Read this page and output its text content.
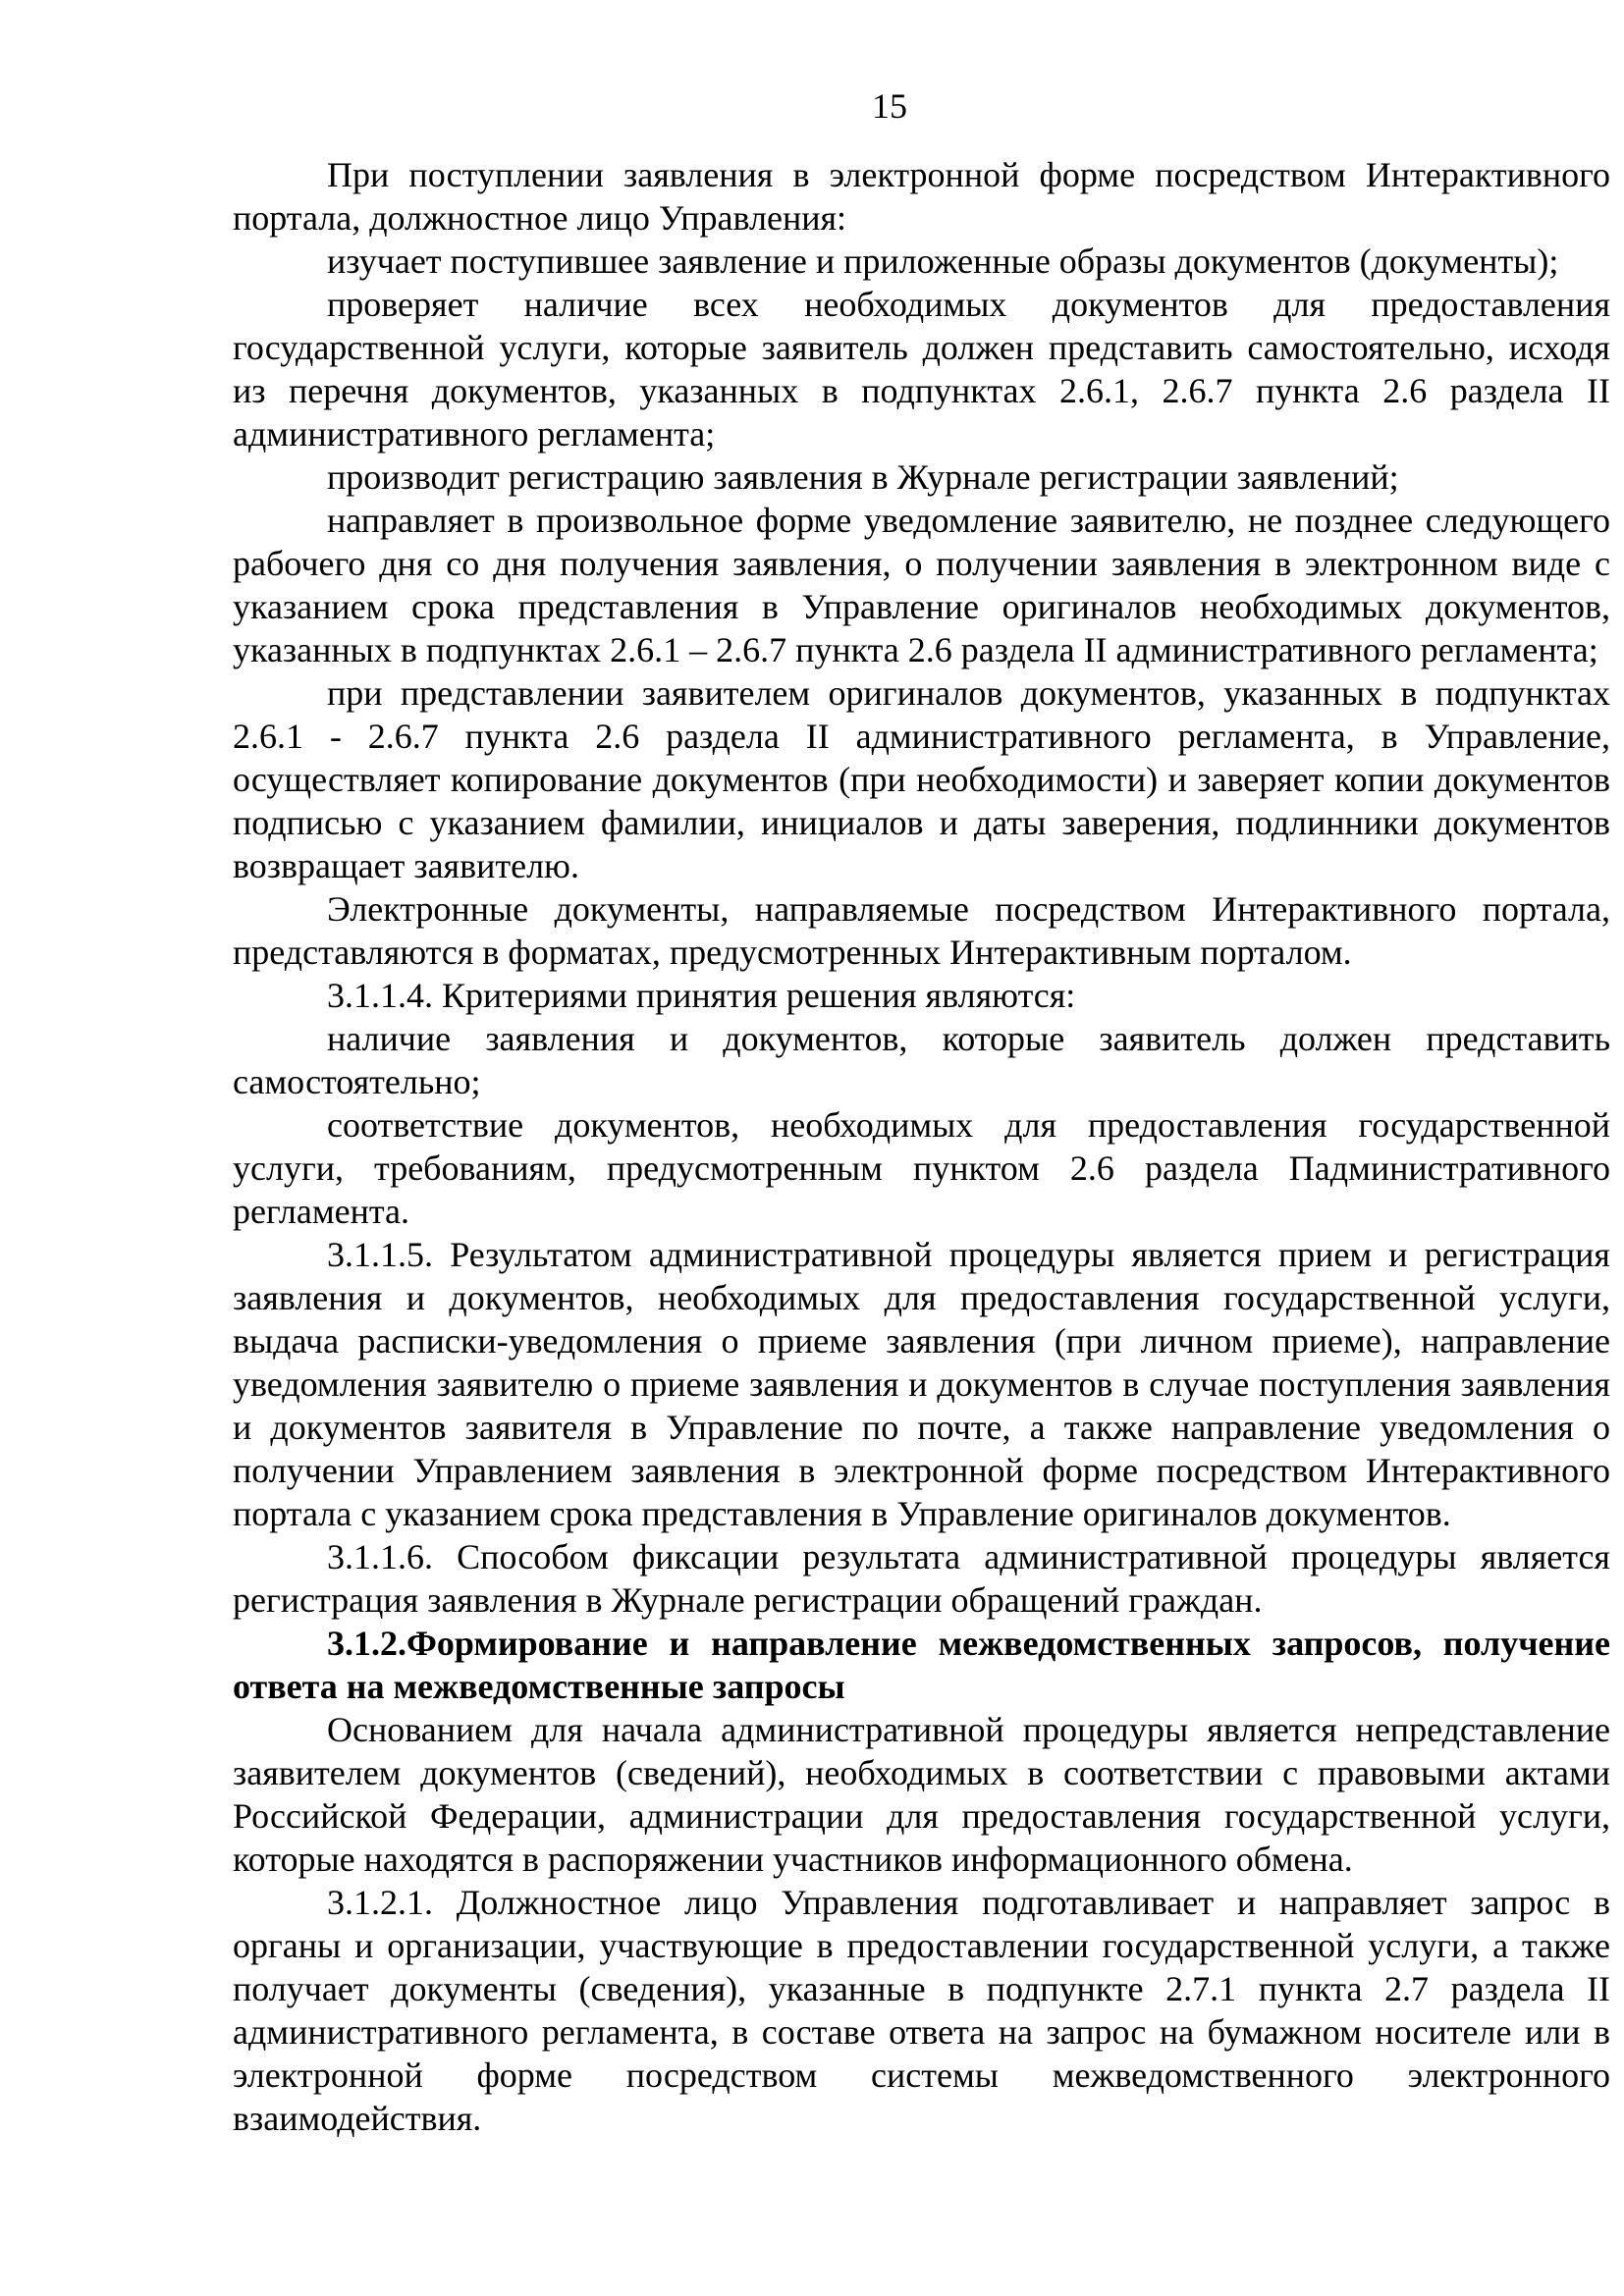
15

При поступлении заявления в электронной форме посредством Интерактивного портала, должностное лицо Управления:

изучает поступившее заявление и приложенные образы документов (документы);

проверяет наличие всех необходимых документов для предоставления государственной услуги, которые заявитель должен представить самостоятельно, исходя из перечня документов, указанных в подпунктах 2.6.1, 2.6.7 пункта 2.6 раздела II административного регламента;

производит регистрацию заявления в Журнале регистрации заявлений;

направляет в произвольное форме уведомление заявителю, не позднее следующего рабочего дня со дня получения заявления, о получении заявления в электронном виде с указанием срока представления в Управление оригиналов необходимых документов, указанных в подпунктах 2.6.1 – 2.6.7 пункта 2.6 раздела II административного регламента;

при представлении заявителем оригиналов документов, указанных в подпунктах 2.6.1 - 2.6.7 пункта 2.6 раздела II административного регламента, в Управление, осуществляет копирование документов (при необходимости) и заверяет копии документов подписью с указанием фамилии, инициалов и даты заверения, подлинники документов возвращает заявителю.

Электронные документы, направляемые посредством Интерактивного портала, представляются в форматах, предусмотренных Интерактивным порталом.

3.1.1.4. Критериями принятия решения являются:

наличие заявления и документов, которые заявитель должен представить самостоятельно;

соответствие документов, необходимых для предоставления государственной услуги, требованиям, предусмотренным пунктом 2.6 раздела Падминистративного регламента.

3.1.1.5. Результатом административной процедуры является прием и регистрация заявления и документов, необходимых для предоставления государственной услуги, выдача расписки-уведомления о приеме заявления (при личном приеме), направление уведомления заявителю о приеме заявления и документов в случае поступления заявления и документов заявителя в Управление по почте, а также направление уведомления о получении Управлением заявления в электронной форме посредством Интерактивного портала с указанием срока представления в Управление оригиналов документов.

3.1.1.6. Способом фиксации результата административной процедуры является регистрация заявления в Журнале регистрации обращений граждан.

3.1.2.Формирование и направление межведомственных запросов, получение ответа на межведомственные запросы

Основанием для начала административной процедуры является непредставление заявителем документов (сведений), необходимых в соответствии с правовыми актами Российской Федерации, администрации для предоставления государственной услуги, которые находятся в распоряжении участников информационного обмена.

3.1.2.1. Должностное лицо Управления подготавливает и направляет запрос в органы и организации, участвующие в предоставлении государственной услуги, а также получает документы (сведения), указанные в подпункте 2.7.1 пункта 2.7 раздела II административного регламента, в составе ответа на запрос на бумажном носителе или в электронной форме посредством системы межведомственного электронного взаимодействия.
